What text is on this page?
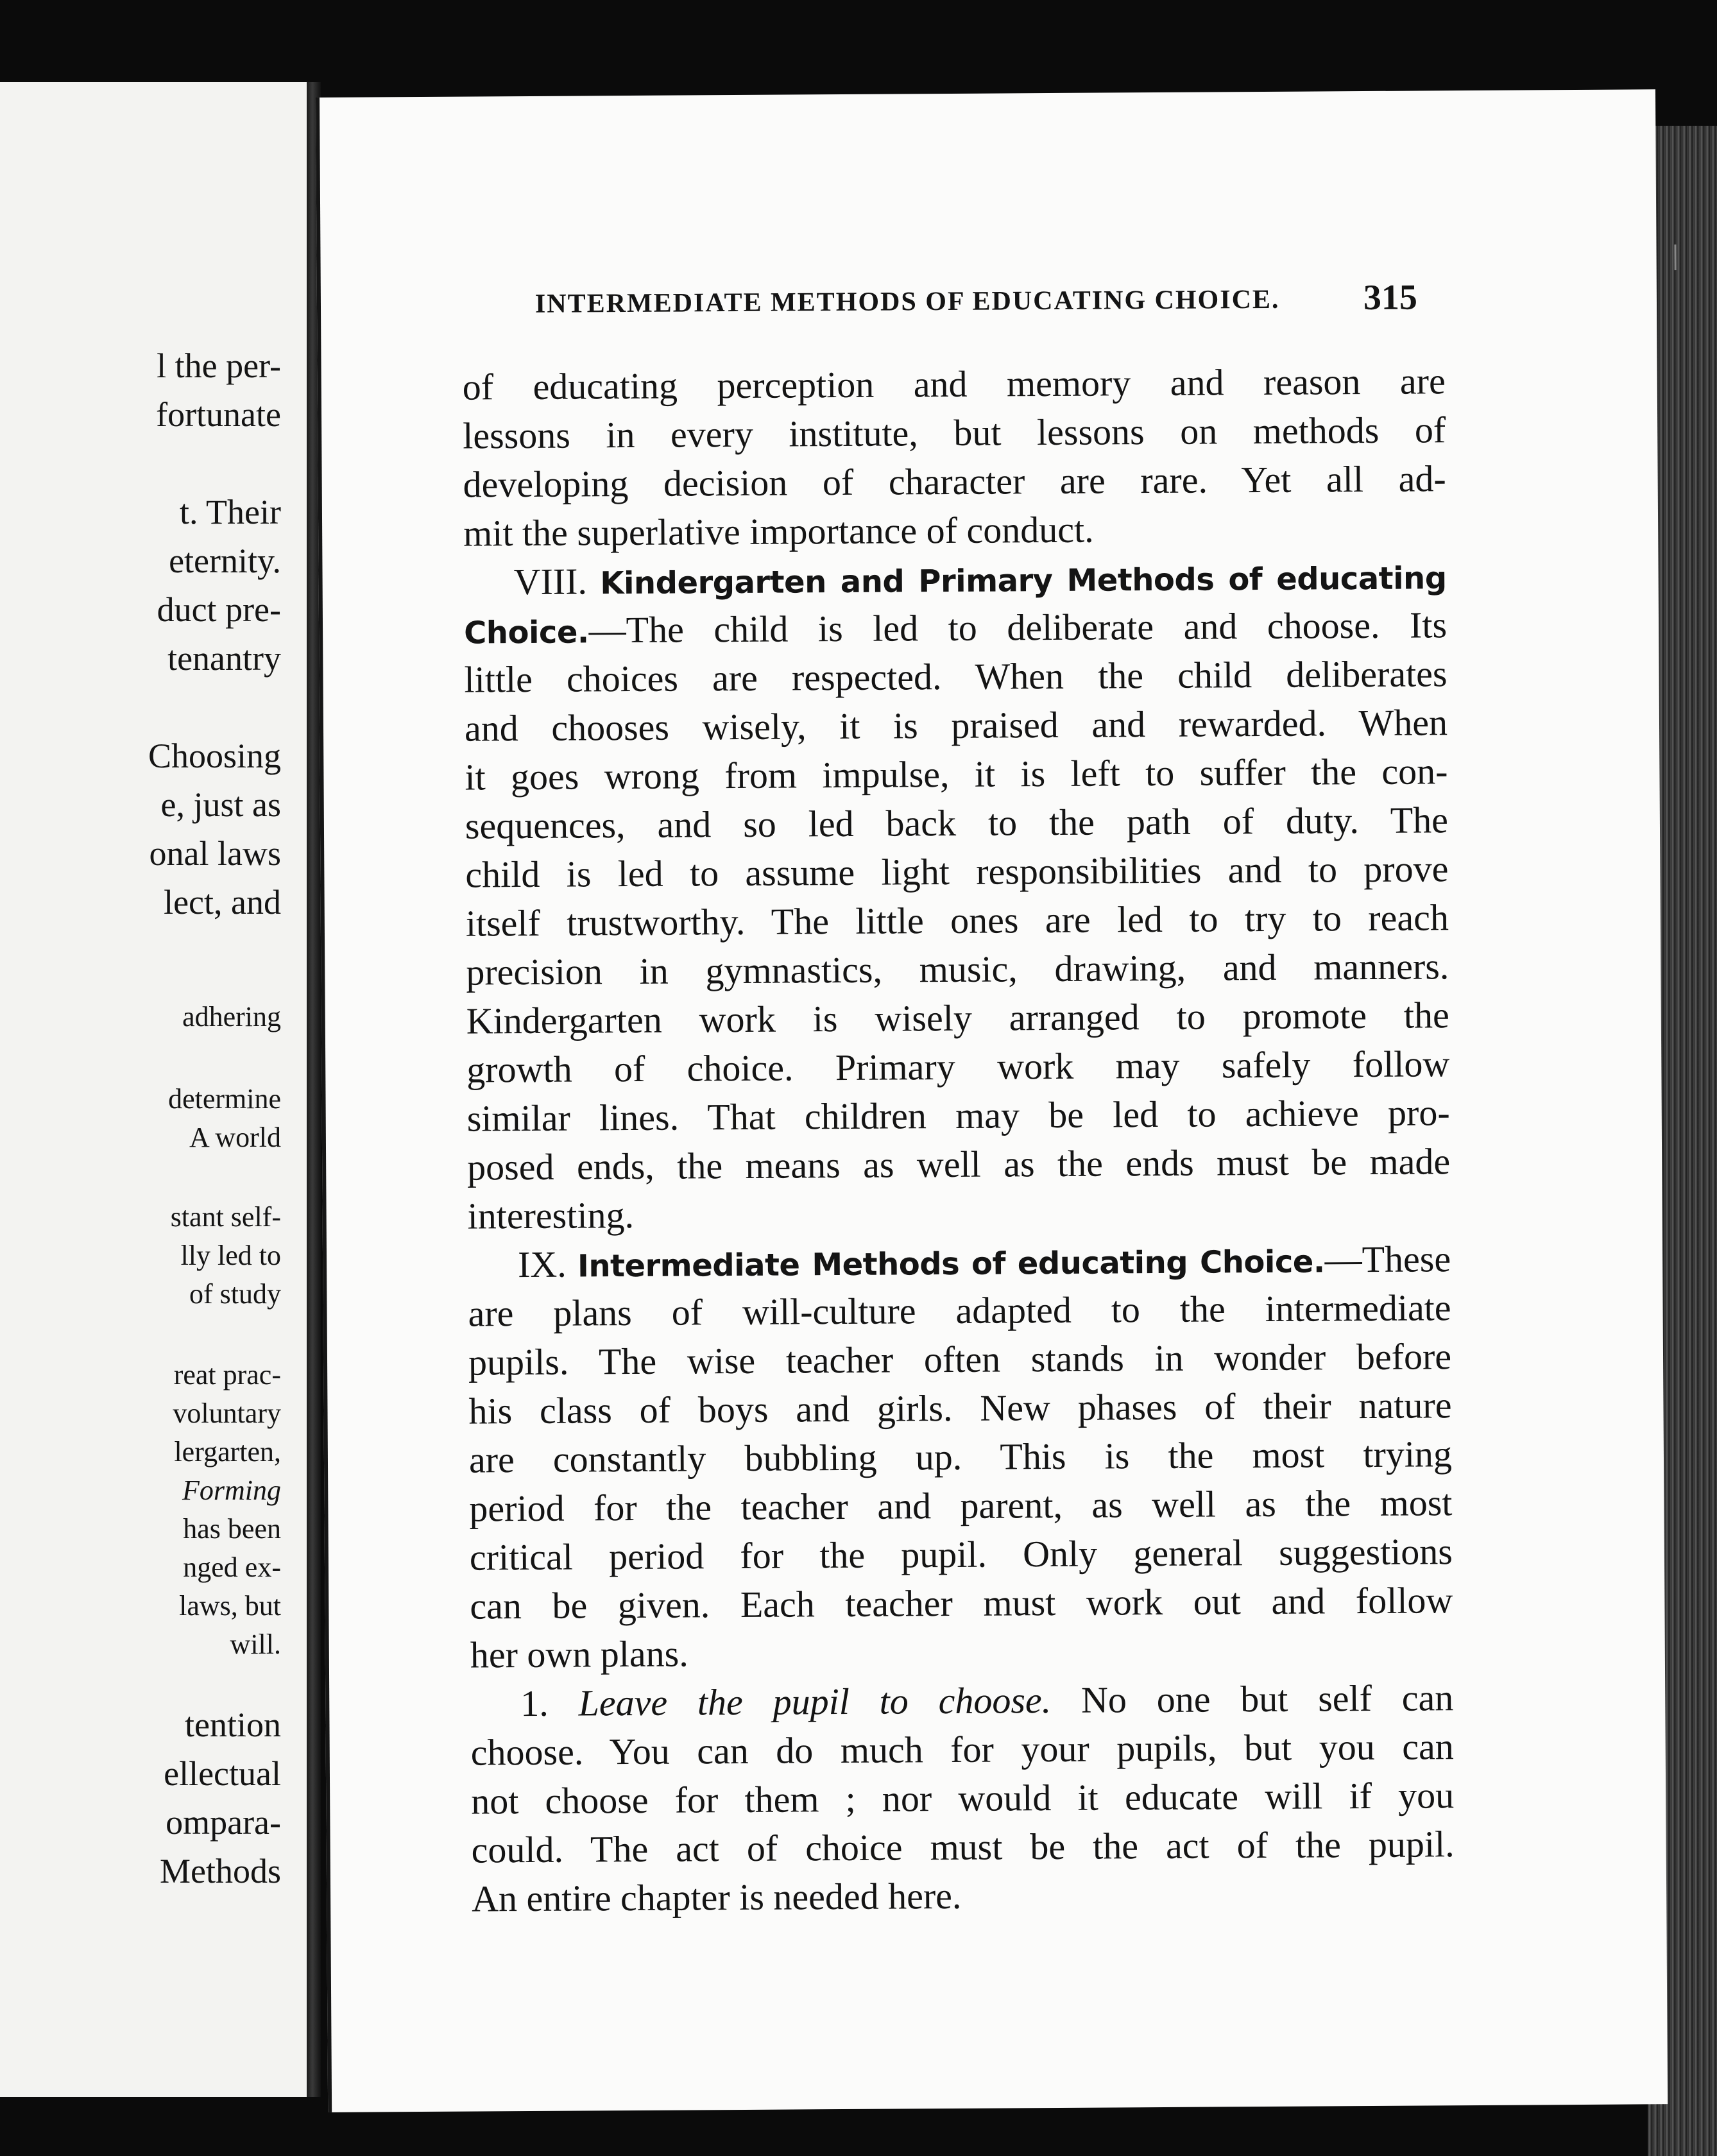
l the per-
fortunate
t. Their
eternity.
duct pre-
tenantry
Choosing
e, just as
onal laws
lect, and
adhering
determine
A world
stant self-
lly led to
of study
reat prac-
voluntary
lergarten,
Forming
has been
nged ex-
laws, but
will.
tention
ellectual
ompara-
Methods
INTERMEDIATE METHODS OF EDUCATING CHOICE.	315
of educating perception and memory and reason are
lessons in every institute, but lessons on methods of
developing decision of character are rare. Yet all ad-
mit the superlative importance of conduct.
VIII. Kindergarten and Primary Methods of educating
Choice.—The child is led to deliberate and choose. Its
little choices are respected. When the child deliberates
and chooses wisely, it is praised and rewarded. When
it goes wrong from impulse, it is left to suffer the con-
sequences, and so led back to the path of duty. The
child is led to assume light responsibilities and to prove
itself trustworthy. The little ones are led to try to reach
precision in gymnastics, music, drawing, and manners.
Kindergarten work is wisely arranged to promote the
growth of choice. Primary work may safely follow
similar lines. That children may be led to achieve pro-
posed ends, the means as well as the ends must be made
interesting.
IX. Intermediate Methods of educating Choice.—These
are plans of will-culture adapted to the intermediate
pupils. The wise teacher often stands in wonder before
his class of boys and girls. New phases of their nature
are constantly bubbling up. This is the most trying
period for the teacher and parent, as well as the most
critical period for the pupil. Only general suggestions
can be given. Each teacher must work out and follow
her own plans.
1. Leave the pupil to choose. No one but self can
choose. You can do much for your pupils, but you can
not choose for them ; nor would it educate will if you
could. The act of choice must be the act of the pupil.
An entire chapter is needed here.
